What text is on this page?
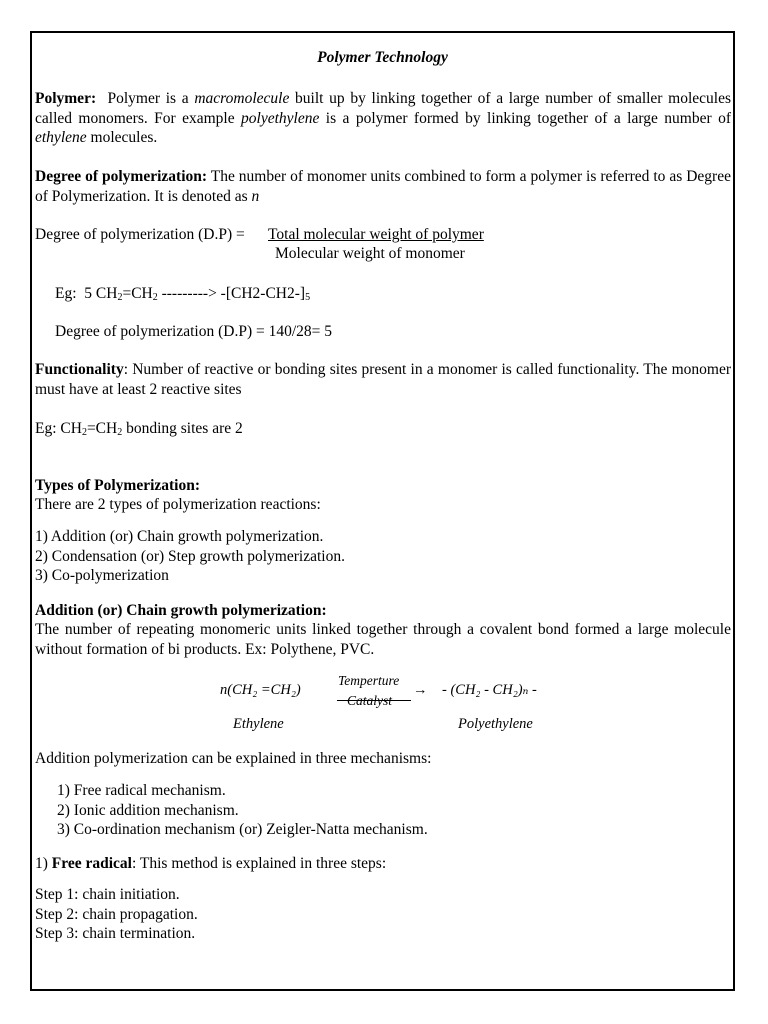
Polymer Technology
Polymer: Polymer is a macromolecule built up by linking together of a large number of smaller molecules called monomers. For example polyethylene is a polymer formed by linking together of a large number of ethylene molecules.
Degree of polymerization: The number of monomer units combined to form a polymer is referred to as Degree of Polymerization. It is denoted as n
Degree of polymerization (D.P) = Total molecular weight of polymer
Molecular weight of monomer
Eg: 5 $CH_2=CH_2$ ---------> $-[CH2-CH2-]_5$
Degree of polymerization (D.P) = 140/28= 5
Functionality: Number of reactive or bonding sites present in a monomer is called functionality. The monomer must have at least 2 reactive sites
Eg: $CH_2=CH_2$ bonding sites are 2
Types of Polymerization:
There are 2 types of polymerization reactions:
1) Addition (or) Chain growth polymerization.
2) Condensation (or) Step growth polymerization.
3) Co-polymerization
Addition (or) Chain growth polymerization:
The number of repeating monomeric units linked together through a covalent bond formed a large molecule without formation of bi products. Ex: Polythene, PVC.
n(CH₂ =CH₂)
Temperture
Catalyst
→ - (CH₂ - CH₂)ₙ -
Ethylene	Polyethylene
Addition polymerization can be explained in three mechanisms:
1) Free radical mechanism.
2) Ionic addition mechanism.
3) Co-ordination mechanism (or) Zeigler-Natta mechanism.
1) Free radical: This method is explained in three steps:
Step 1: chain initiation.
Step 2: chain propagation.
Step 3: chain termination.
